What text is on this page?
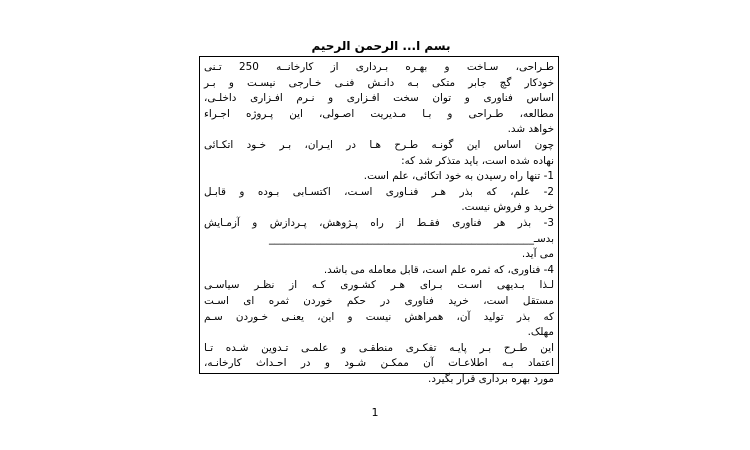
بسم ا... الرحمن الرحیم
طـراحی، سـاخت و بهـره بـرداری از کارخانــه 250 تـنی
خودکار گچ جابر متکی بـه دانـش فنـی خـارجی نیسـت و بـر
اساس فناوری و توان سخت افـزاری و نـرم افـزاری داخلـی،
مطالعه، طـراحی و بـا مـدیریت اصـولی، این پـروژه اجـراء
خواهد شد.
چون اساس این گونـه طـرح هـا در ایـران، بـر خـود اتکـائی
نهاده شده است، باید متذکر شد که:
1- تنها راه رسیدن به خود اتکائی، علم است.
2- علم، که بذر هـر فنـاوری اسـت، اکتسـابی بـوده و قابـل
خرید و فروش نیست.
3- بذر هر فناوری فقـط از راه پـژوهش، پـردازش و آزمـایش
بدسـ___________________________________________________
می آید.
4- فناوری، که ثمره علم است، قابل معامله می باشد.
لـذا بـدیهی اسـت بـرای هـر کشـوری کـه از نظـر سیاسـی
مستقل است، خرید فناوری در حکم خوردن ثمره ای اسـت
که بذر تولید آن، همراهش نیست و این، یعنـی خـوردن سـم
مهلک.
این طـرح بـر پایـه تفکـری منطقـی و علمـی تـدوین شـده تـا
اعتماد بـه اطلاعـات آن ممکـن شـود و در احـداث کارخانـه،
مورد بهره برداری قرار بگیرد.
1
